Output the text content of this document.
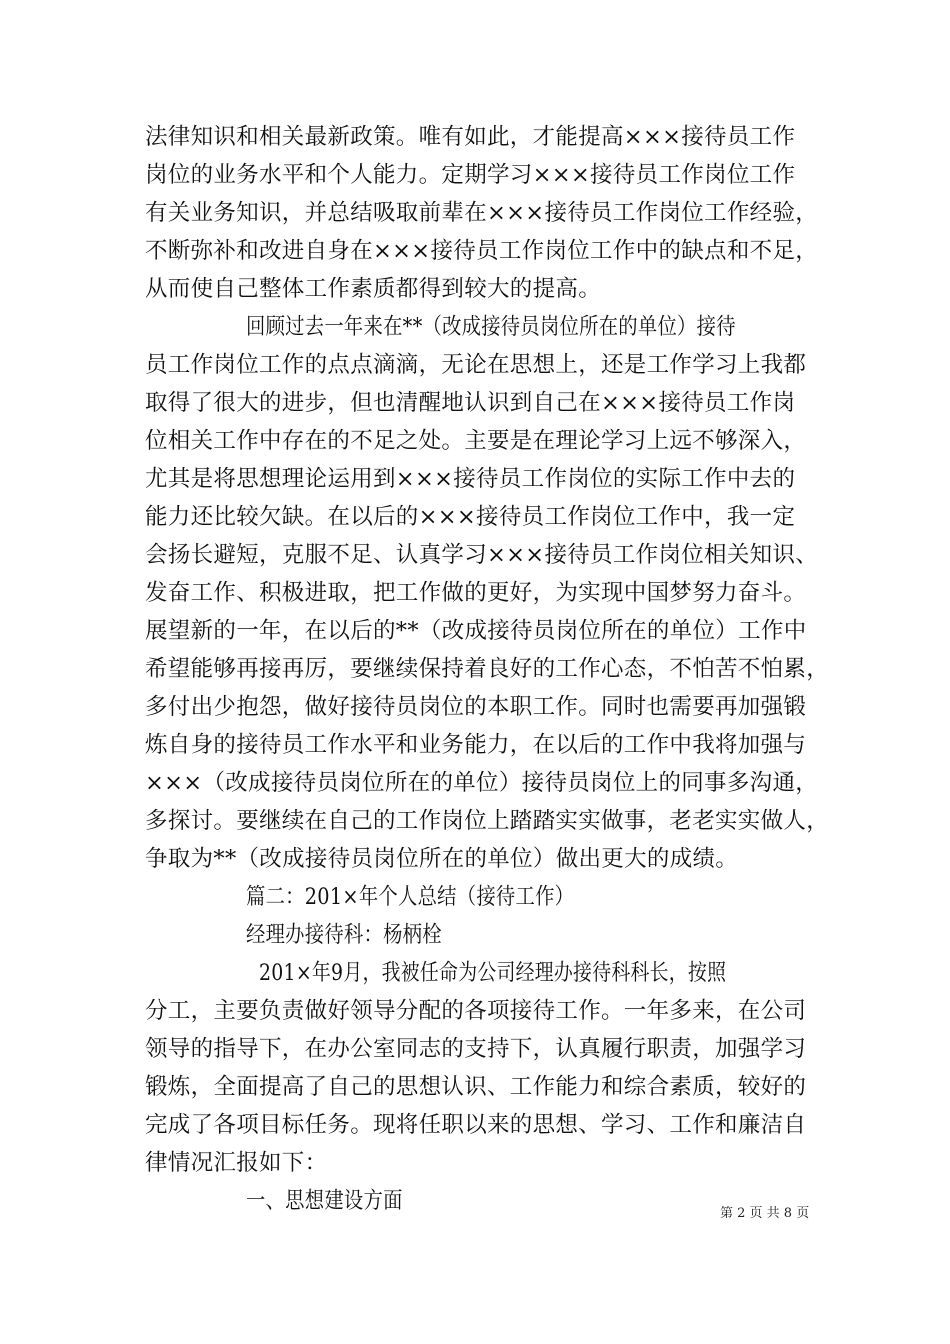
法律知识和相关最新政策。唯有如此，才能提高×××接待员工作
岗位的业务水平和个人能力。定期学习×××接待员工作岗位工作
有关业务知识，并总结吸取前辈在×××接待员工作岗位工作经验，
不断弥补和改进自身在×××接待员工作岗位工作中的缺点和不足，
从而使自己整体工作素质都得到较大的提高。
回顾过去一年来在**（改成接待员岗位所在的单位）接待
员工作岗位工作的点点滴滴，无论在思想上，还是工作学习上我都
取得了很大的进步，但也清醒地认识到自己在×××接待员工作岗
位相关工作中存在的不足之处。主要是在理论学习上远不够深入，
尤其是将思想理论运用到×××接待员工作岗位的实际工作中去的
能力还比较欠缺。在以后的×××接待员工作岗位工作中，我一定
会扬长避短，克服不足、认真学习×××接待员工作岗位相关知识、
发奋工作、积极进取，把工作做的更好，为实现中国梦努力奋斗。
展望新的一年，在以后的**（改成接待员岗位所在的单位）工作中
希望能够再接再厉，要继续保持着良好的工作心态，不怕苦不怕累，
多付出少抱怨，做好接待员岗位的本职工作。同时也需要再加强锻
炼自身的接待员工作水平和业务能力，在以后的工作中我将加强与
×××（改成接待员岗位所在的单位）接待员岗位上的同事多沟通，
多探讨。要继续在自己的工作岗位上踏踏实实做事，老老实实做人，
争取为**（改成接待员岗位所在的单位）做出更大的成绩。
篇二：201×年个人总结（接待工作）
经理办接待科：杨柄栓
201×年9月，我被任命为公司经理办接待科科长，按照
分工，主要负责做好领导分配的各项接待工作。一年多来，在公司
领导的指导下，在办公室同志的支持下，认真履行职责，加强学习
锻炼，全面提高了自己的思想认识、工作能力和综合素质，较好的
完成了各项目标任务。现将任职以来的思想、学习、工作和廉洁自
律情况汇报如下：
一、思想建设方面	第 2 页 共 8 页
